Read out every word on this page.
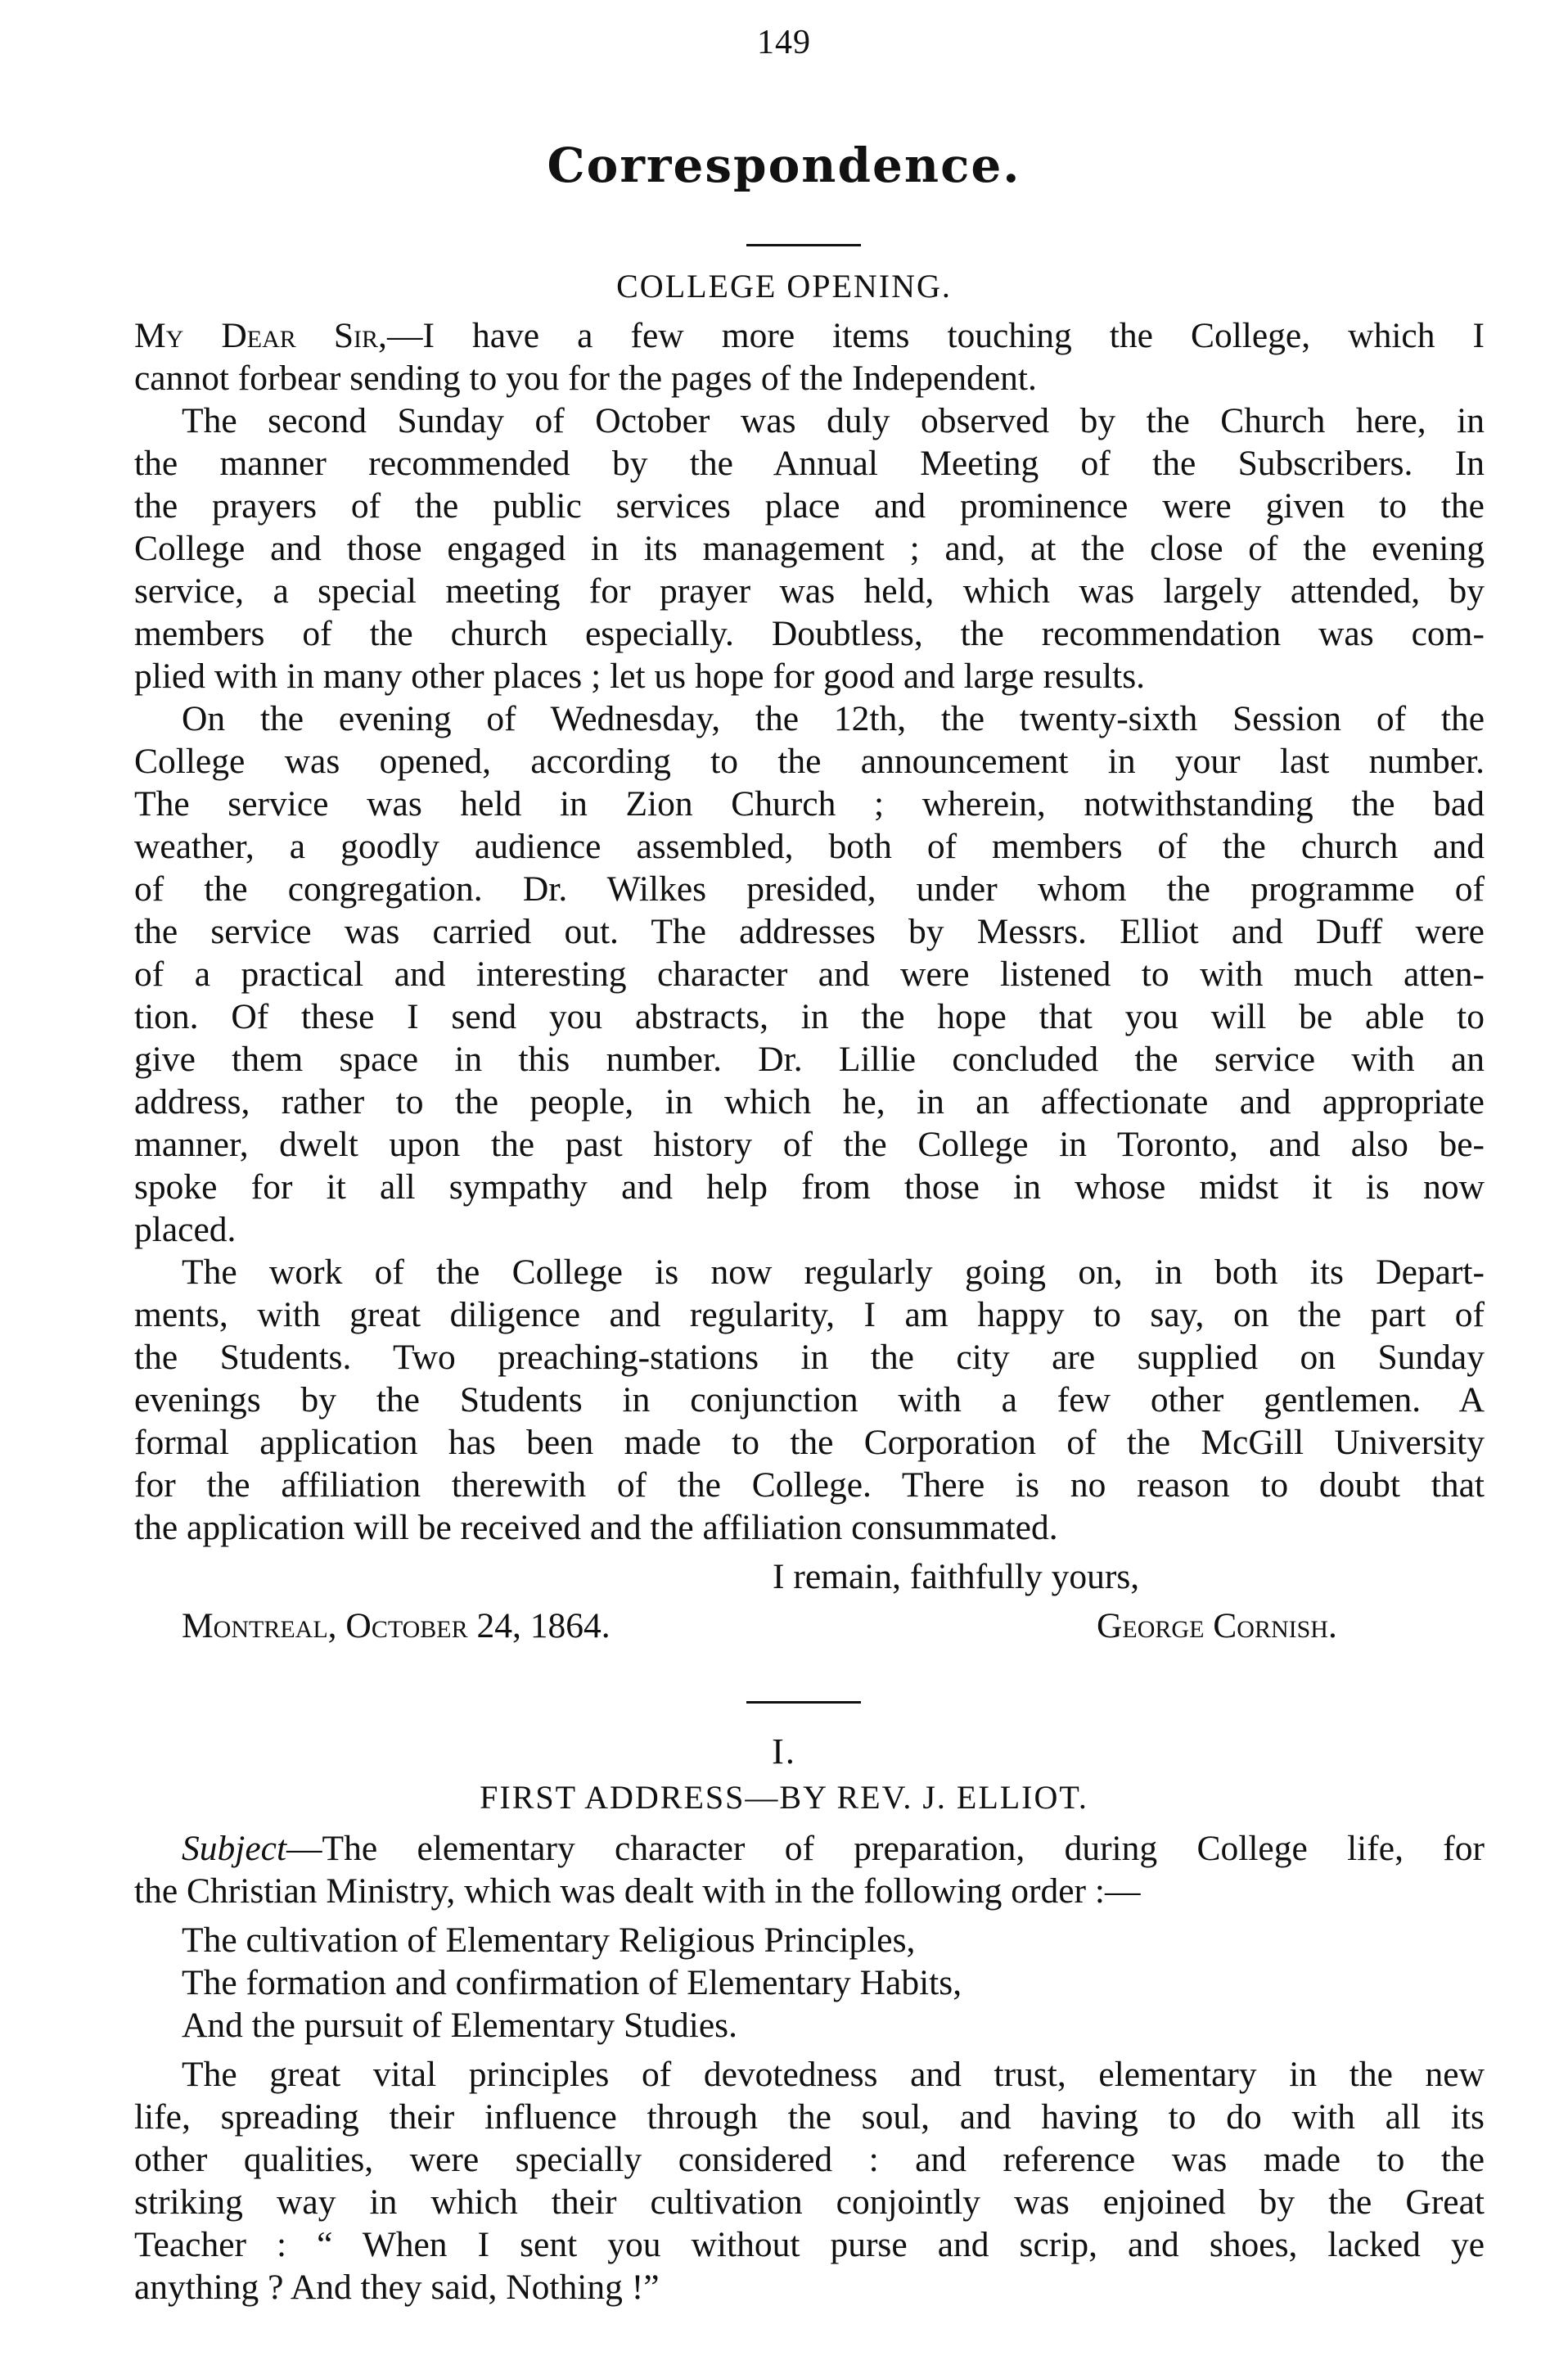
149
Correspondence.
COLLEGE OPENING.
My Dear Sir,—I have a few more items touching the College, which I
cannot forbear sending to you for the pages of the Independent.
The second Sunday of October was duly observed by the Church here, in
the manner recommended by the Annual Meeting of the Subscribers. In
the prayers of the public services place and prominence were given to the
College and those engaged in its management ; and, at the close of the evening
service, a special meeting for prayer was held, which was largely attended, by
members of the church especially. Doubtless, the recommendation was com-
plied with in many other places ; let us hope for good and large results.
On the evening of Wednesday, the 12th, the twenty-sixth Session of the
College was opened, according to the announcement in your last number.
The service was held in Zion Church ; wherein, notwithstanding the bad
weather, a goodly audience assembled, both of members of the church and
of the congregation. Dr. Wilkes presided, under whom the programme of
the service was carried out. The addresses by Messrs. Elliot and Duff were
of a practical and interesting character and were listened to with much atten-
tion. Of these I send you abstracts, in the hope that you will be able to
give them space in this number. Dr. Lillie concluded the service with an
address, rather to the people, in which he, in an affectionate and appropriate
manner, dwelt upon the past history of the College in Toronto, and also be-
spoke for it all sympathy and help from those in whose midst it is now
placed.
The work of the College is now regularly going on, in both its Depart-
ments, with great diligence and regularity, I am happy to say, on the part of
the Students. Two preaching-stations in the city are supplied on Sunday
evenings by the Students in conjunction with a few other gentlemen. A
formal application has been made to the Corporation of the McGill University
for the affiliation therewith of the College. There is no reason to doubt that
the application will be received and the affiliation consummated.
I remain, faithfully yours,
Montreal, October 24, 1864.	George Cornish.
I.
FIRST ADDRESS—BY REV. J. ELLIOT.
Subject—The elementary character of preparation, during College life, for
the Christian Ministry, which was dealt with in the following order :—
The cultivation of Elementary Religious Principles,
The formation and confirmation of Elementary Habits,
And the pursuit of Elementary Studies.
The great vital principles of devotedness and trust, elementary in the new
life, spreading their influence through the soul, and having to do with all its
other qualities, were specially considered : and reference was made to the
striking way in which their cultivation conjointly was enjoined by the Great
Teacher : “ When I sent you without purse and scrip, and shoes, lacked ye
anything ? And they said, Nothing !”
